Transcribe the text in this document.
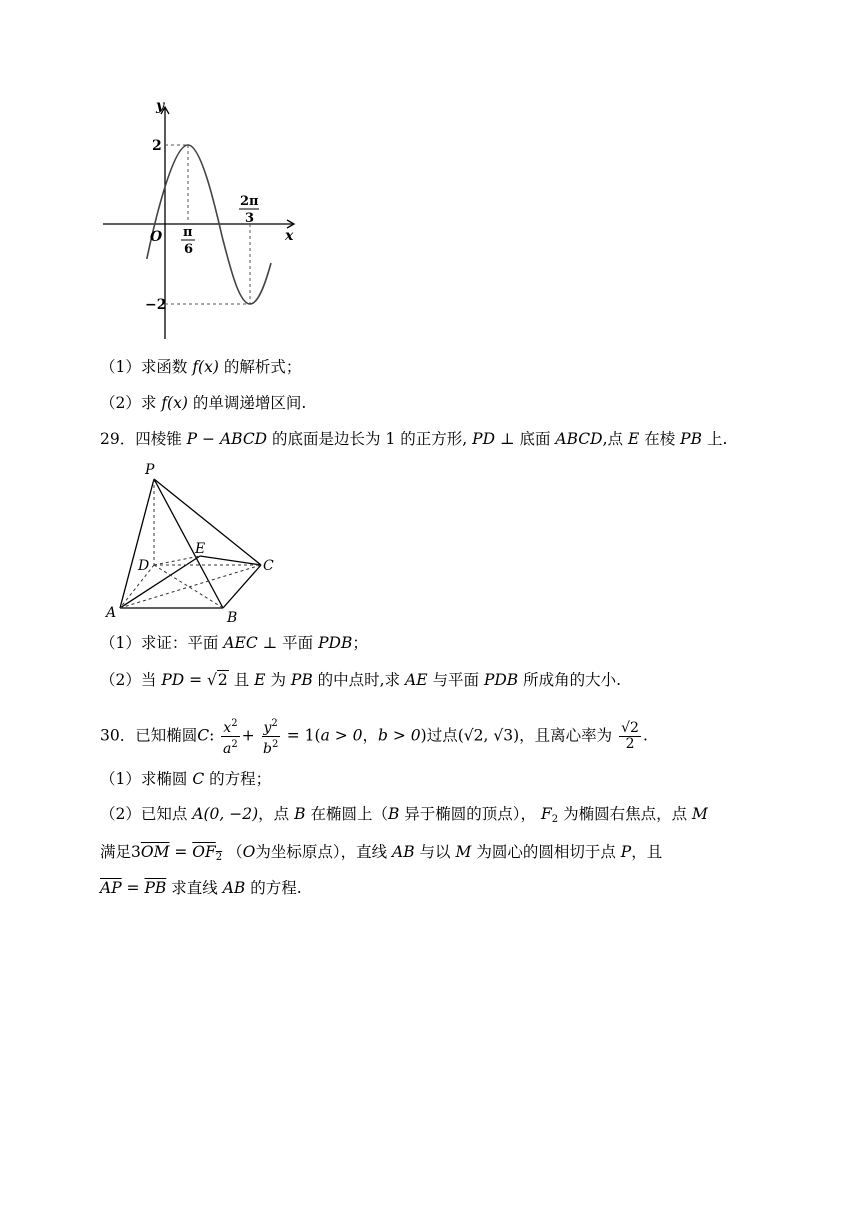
y
x
O
2
−2
π
6
2π
3
（1）求函数 f(x) 的解析式；
（2）求 f(x) 的单调递增区间.
29．四棱锥 P − ABCD 的底面是边长为 1 的正方形, PD ⊥ 底面 ABCD,点 E 在棱 PB 上.
P
E
D	C
A	B
（1）求证：平面 AEC ⊥ 平面 PDB；
（2）当 PD = √2 且 E 为 PB 的中点时,求 AE 与平面 PDB 所成角的大小.
30．已知椭圆C: $\frac{x^2}{a^2} + \frac{y^2}{b^2} = 1(a > 0$，b > 0)过点(√2, √3)，且离心率为 $\frac{√2}{2}$ .
（1）求椭圆 C 的方程；
（2）已知点 A(0, −2)，点 B 在椭圆上（B 异于椭圆的顶点）， $F_2$ 为椭圆右焦点，点 M
满足$3\overline{OM} = OF_2$ （O为坐标原点），直线 AB 与以 M 为圆心的圆相切于点 P，且
$\overline{AP} = \overline{PB}$ 求直线 AB 的方程.
